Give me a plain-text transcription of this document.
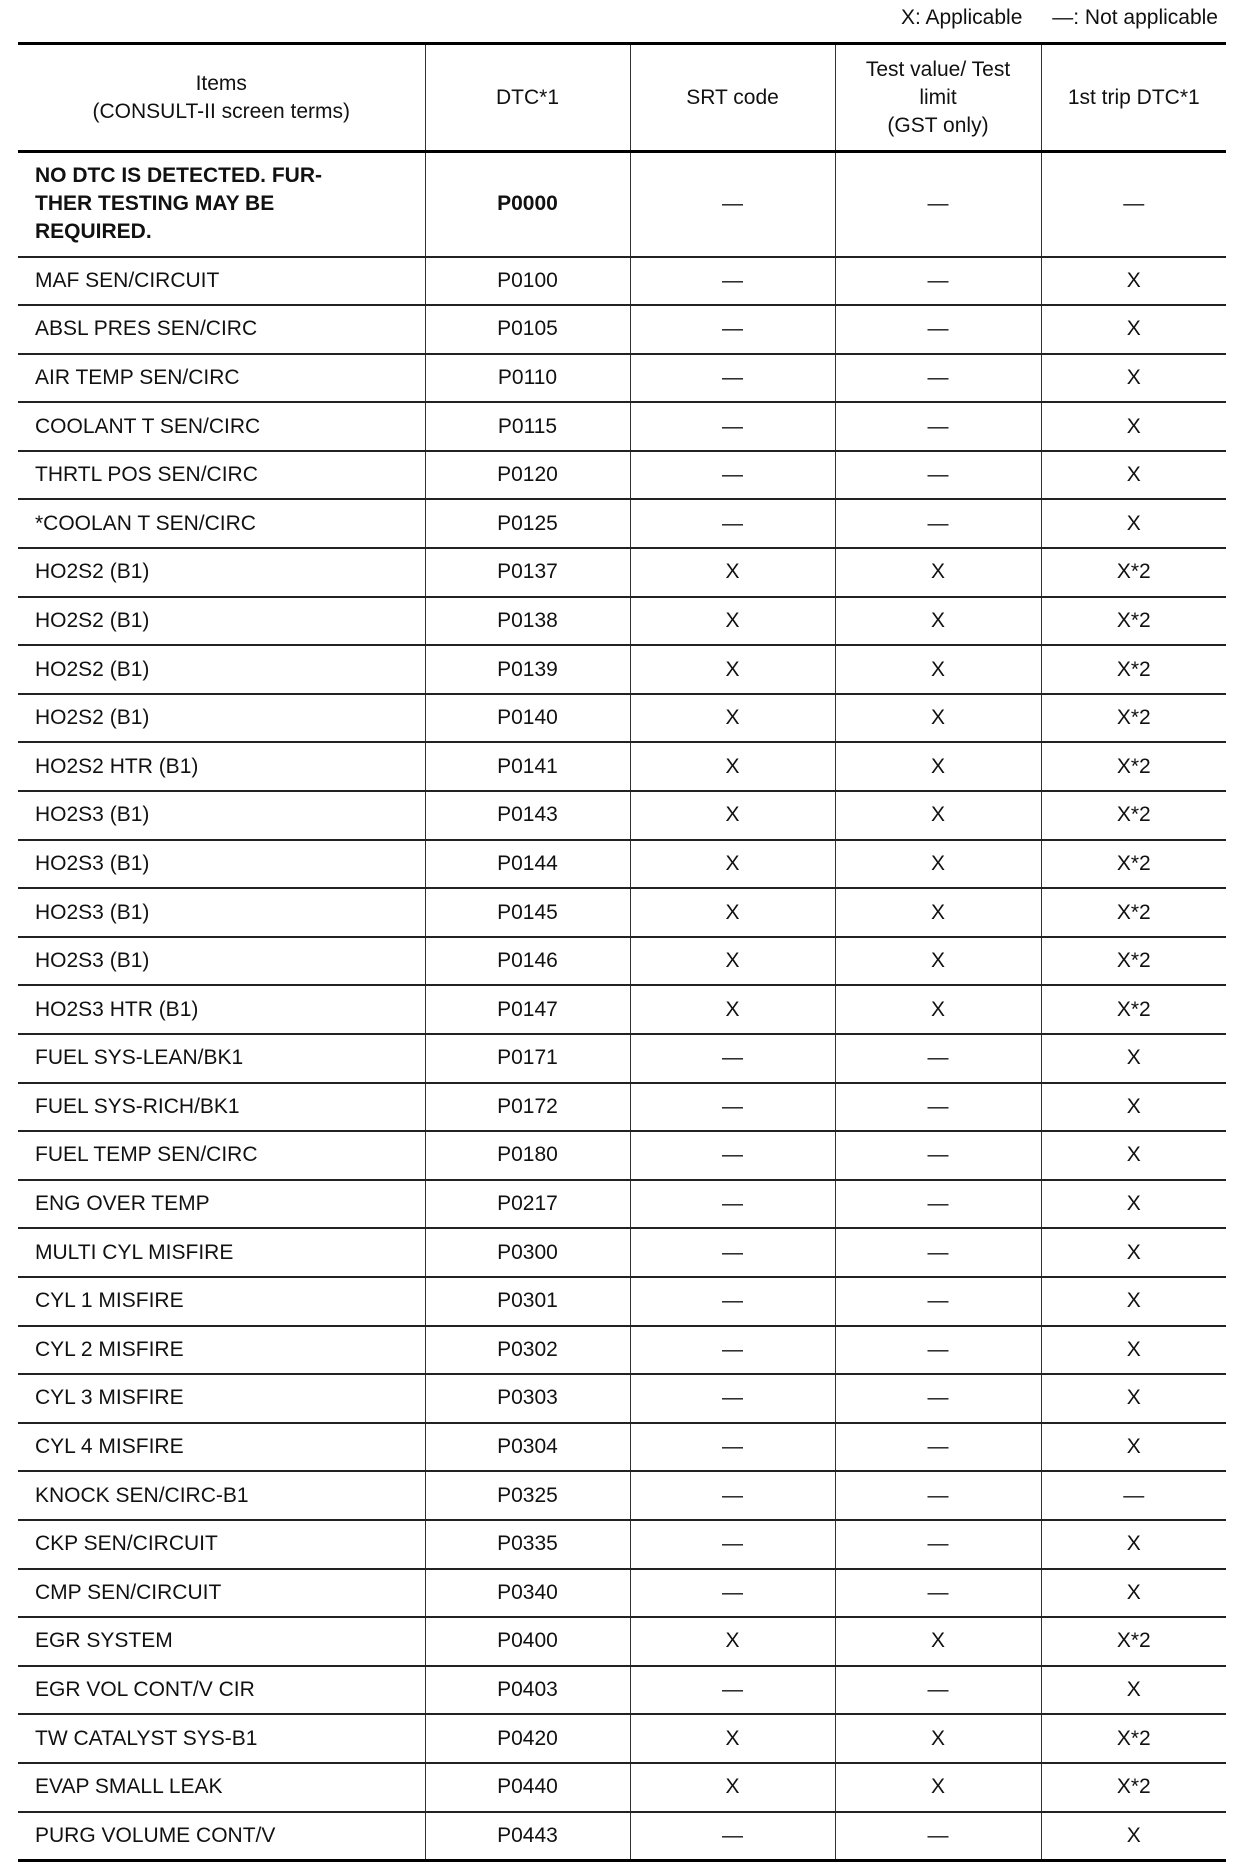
X: Applicable —: Not applicable
Items
(CONSULT-II screen terms)	DTC*1	SRT code	Test value/ Test
limit
(GST only)	1st trip DTC*1
NO DTC IS DETECTED. FUR-
THER TESTING MAY BE
REQUIRED.	P0000	—	—	—
MAF SEN/CIRCUIT	P0100	—	—	X
ABSL PRES SEN/CIRC	P0105	—	—	X
AIR TEMP SEN/CIRC	P0110	—	—	X
COOLANT T SEN/CIRC	P0115	—	—	X
THRTL POS SEN/CIRC	P0120	—	—	X
*COOLAN T SEN/CIRC	P0125	—	—	X
HO2S2 (B1)	P0137	X	X	X*2
HO2S2 (B1)	P0138	X	X	X*2
HO2S2 (B1)	P0139	X	X	X*2
HO2S2 (B1)	P0140	X	X	X*2
HO2S2 HTR (B1)	P0141	X	X	X*2
HO2S3 (B1)	P0143	X	X	X*2
HO2S3 (B1)	P0144	X	X	X*2
HO2S3 (B1)	P0145	X	X	X*2
HO2S3 (B1)	P0146	X	X	X*2
HO2S3 HTR (B1)	P0147	X	X	X*2
FUEL SYS-LEAN/BK1	P0171	—	—	X
FUEL SYS-RICH/BK1	P0172	—	—	X
FUEL TEMP SEN/CIRC	P0180	—	—	X
ENG OVER TEMP	P0217	—	—	X
MULTI CYL MISFIRE	P0300	—	—	X
CYL 1 MISFIRE	P0301	—	—	X
CYL 2 MISFIRE	P0302	—	—	X
CYL 3 MISFIRE	P0303	—	—	X
CYL 4 MISFIRE	P0304	—	—	X
KNOCK SEN/CIRC-B1	P0325	—	—	—
CKP SEN/CIRCUIT	P0335	—	—	X
CMP SEN/CIRCUIT	P0340	—	—	X
EGR SYSTEM	P0400	X	X	X*2
EGR VOL CONT/V CIR	P0403	—	—	X
TW CATALYST SYS-B1	P0420	X	X	X*2
EVAP SMALL LEAK	P0440	X	X	X*2
PURG VOLUME CONT/V	P0443	—	—	X
